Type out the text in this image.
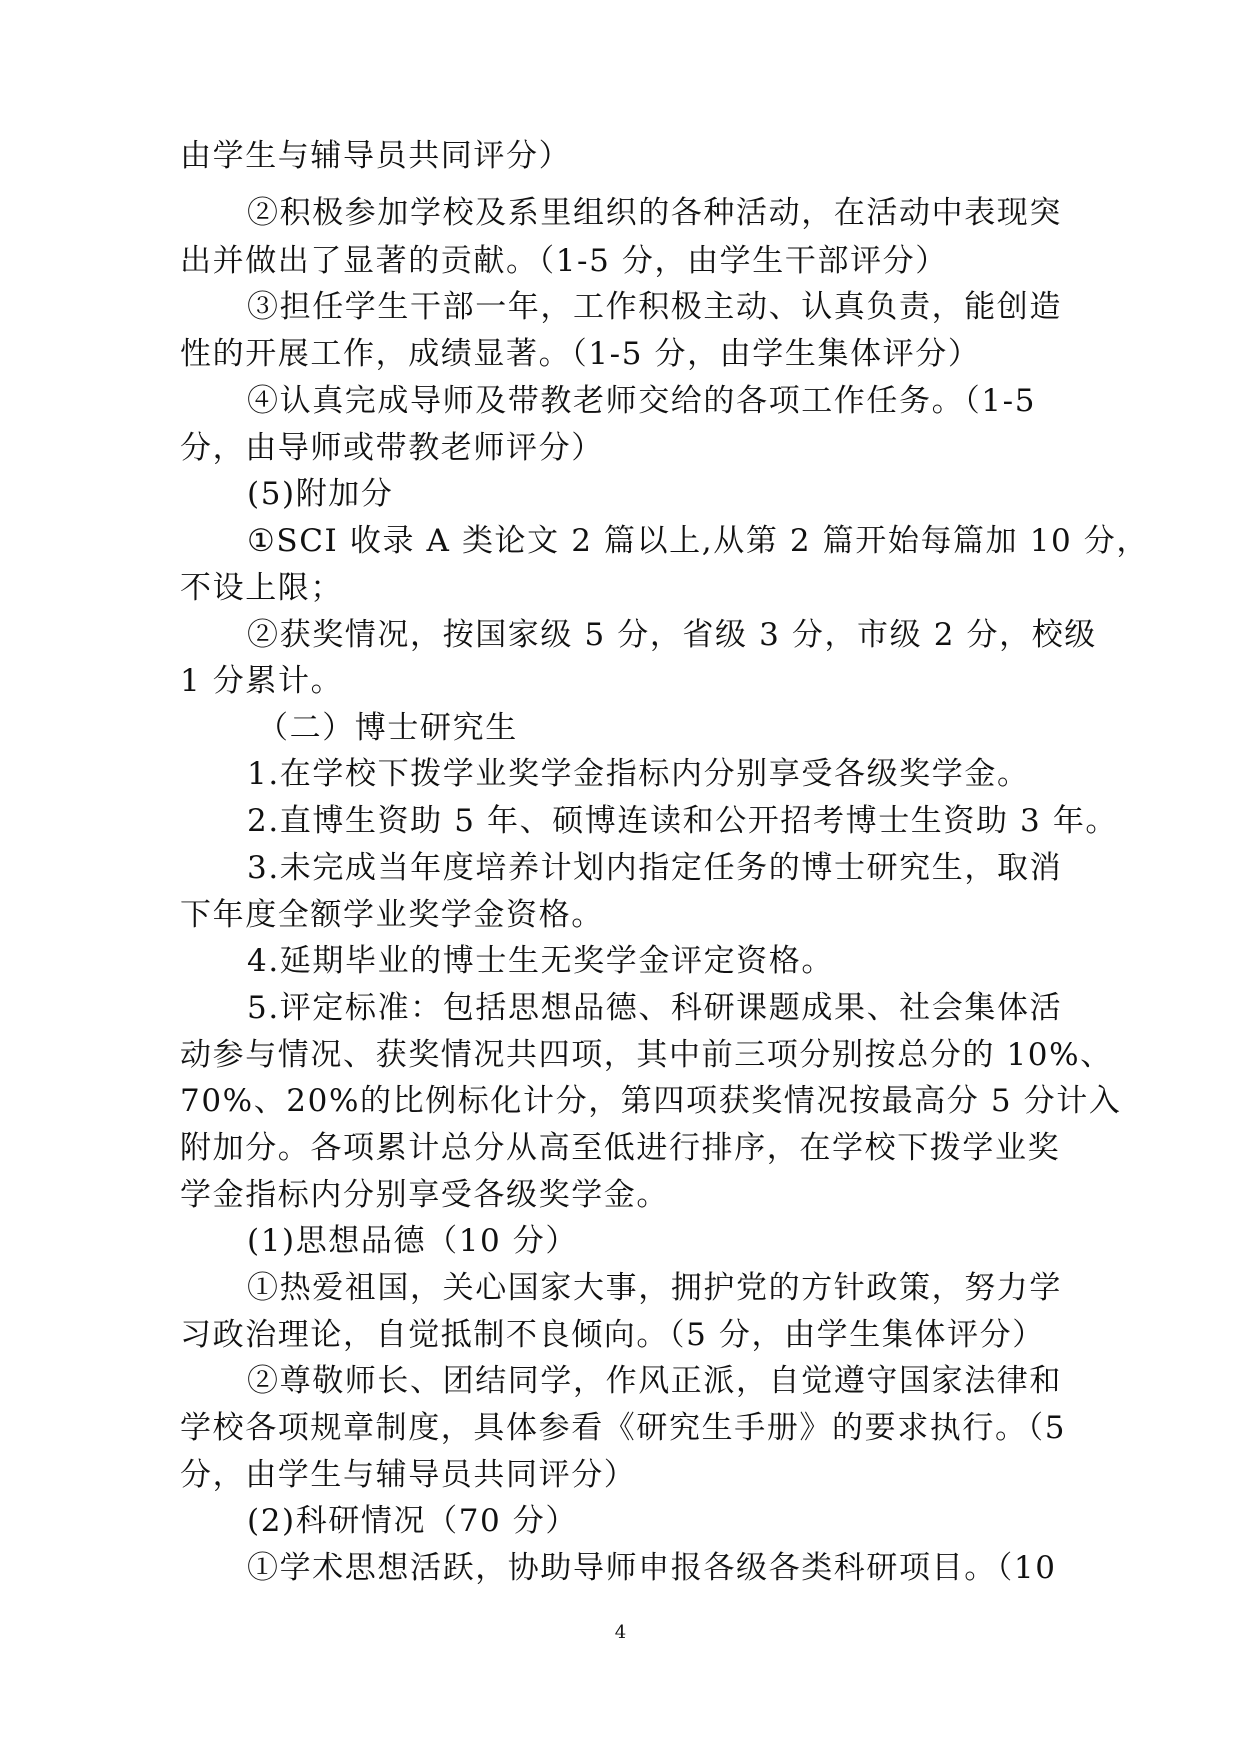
由学生与辅导员共同评分）
②积极参加学校及系里组织的各种活动，在活动中表现突
出并做出了显著的贡献。（1-5 分，由学生干部评分）
③担任学生干部一年，工作积极主动、认真负责，能创造
性的开展工作，成绩显著。（1-5 分，由学生集体评分）
④认真完成导师及带教老师交给的各项工作任务。（1-5
分，由导师或带教老师评分）
(5)附加分
①SCI 收录 A 类论文 2 篇以上,从第 2 篇开始每篇加 10 分，
不设上限；
②获奖情况，按国家级 5 分，省级 3 分，市级 2 分，校级
1 分累计。
（二）博士研究生
1.在学校下拨学业奖学金指标内分别享受各级奖学金。
2.直博生资助 5 年、硕博连读和公开招考博士生资助 3 年。
3.未完成当年度培养计划内指定任务的博士研究生，取消
下年度全额学业奖学金资格。
4.延期毕业的博士生无奖学金评定资格。
5.评定标准：包括思想品德、科研课题成果、社会集体活
动参与情况、获奖情况共四项，其中前三项分别按总分的 10%、
70%、20%的比例标化计分，第四项获奖情况按最高分 5 分计入
附加分。各项累计总分从高至低进行排序，在学校下拨学业奖
学金指标内分别享受各级奖学金。
(1)思想品德（10 分）
①热爱祖国，关心国家大事，拥护党的方针政策，努力学
习政治理论，自觉抵制不良倾向。（5 分，由学生集体评分）
②尊敬师长、团结同学，作风正派，自觉遵守国家法律和
学校各项规章制度，具体参看《研究生手册》的要求执行。（5
分，由学生与辅导员共同评分）
(2)科研情况（70 分）
①学术思想活跃，协助导师申报各级各类科研项目。（10
4
